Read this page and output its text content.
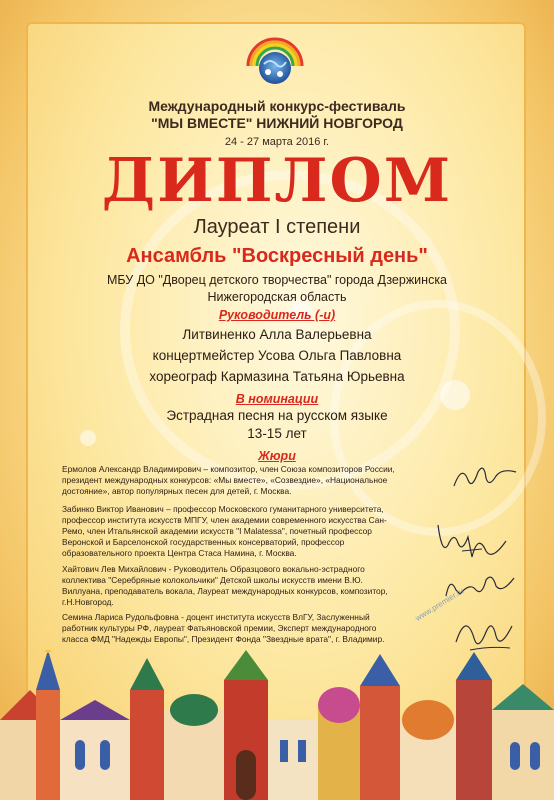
Международный конкурс-фестиваль
"МЫ ВМЕСТЕ" НИЖНИЙ НОВГОРОД
24 - 27 марта 2016 г.
ДИПЛОМ
Лауреат I степени
Ансамбль "Воскресный день"
МБУ ДО "Дворец детского творчества" города Дзержинска
Нижегородская область
Руководитель (-и)
Литвиненко Алла Валерьевна
концертмейстер Усова Ольга Павловна
хореограф Кармазина Татьяна Юрьевна
В номинации
Эстрадная песня на русском языке
13-15 лет
Жюри
Ермолов Александр Владимирович – композитор, член Союза композиторов России, президент международных конкурсов: «Мы вместе», «Созвездие», «Национальное достояние», автор популярных песен для детей, г. Москва.
Забинко Виктор Иванович – профессор Московского гуманитарного университета, профессор института искусств МПГУ, член академии современного искусства Сан-Ремо, член Итальянской академии искусств "I Malatessa", почетный профессор Веронской и Барселонской государственных консерваторий, профессор образовательного проекта Центра Стаса Намина, г. Москва.
Хайтович Лев Михайлович - Руководитель Образцового вокально-эстрадного коллектива "Серебряные колокольчики" Детской школы искусств имени В.Ю. Виллуана, преподаватель вокала, Лауреат международных конкурсов, композитор, г.Н.Новгород.
Семина Лариса Рудольфовна - доцент института искусств ВлГУ, Заслуженный работник культуры РФ, лауреат Фатьяновской премии, Эксперт международного класса ФМД "Надежды Европы", Президент Фонда "Звездные врата", г. Владимир.
www.premier.ru
